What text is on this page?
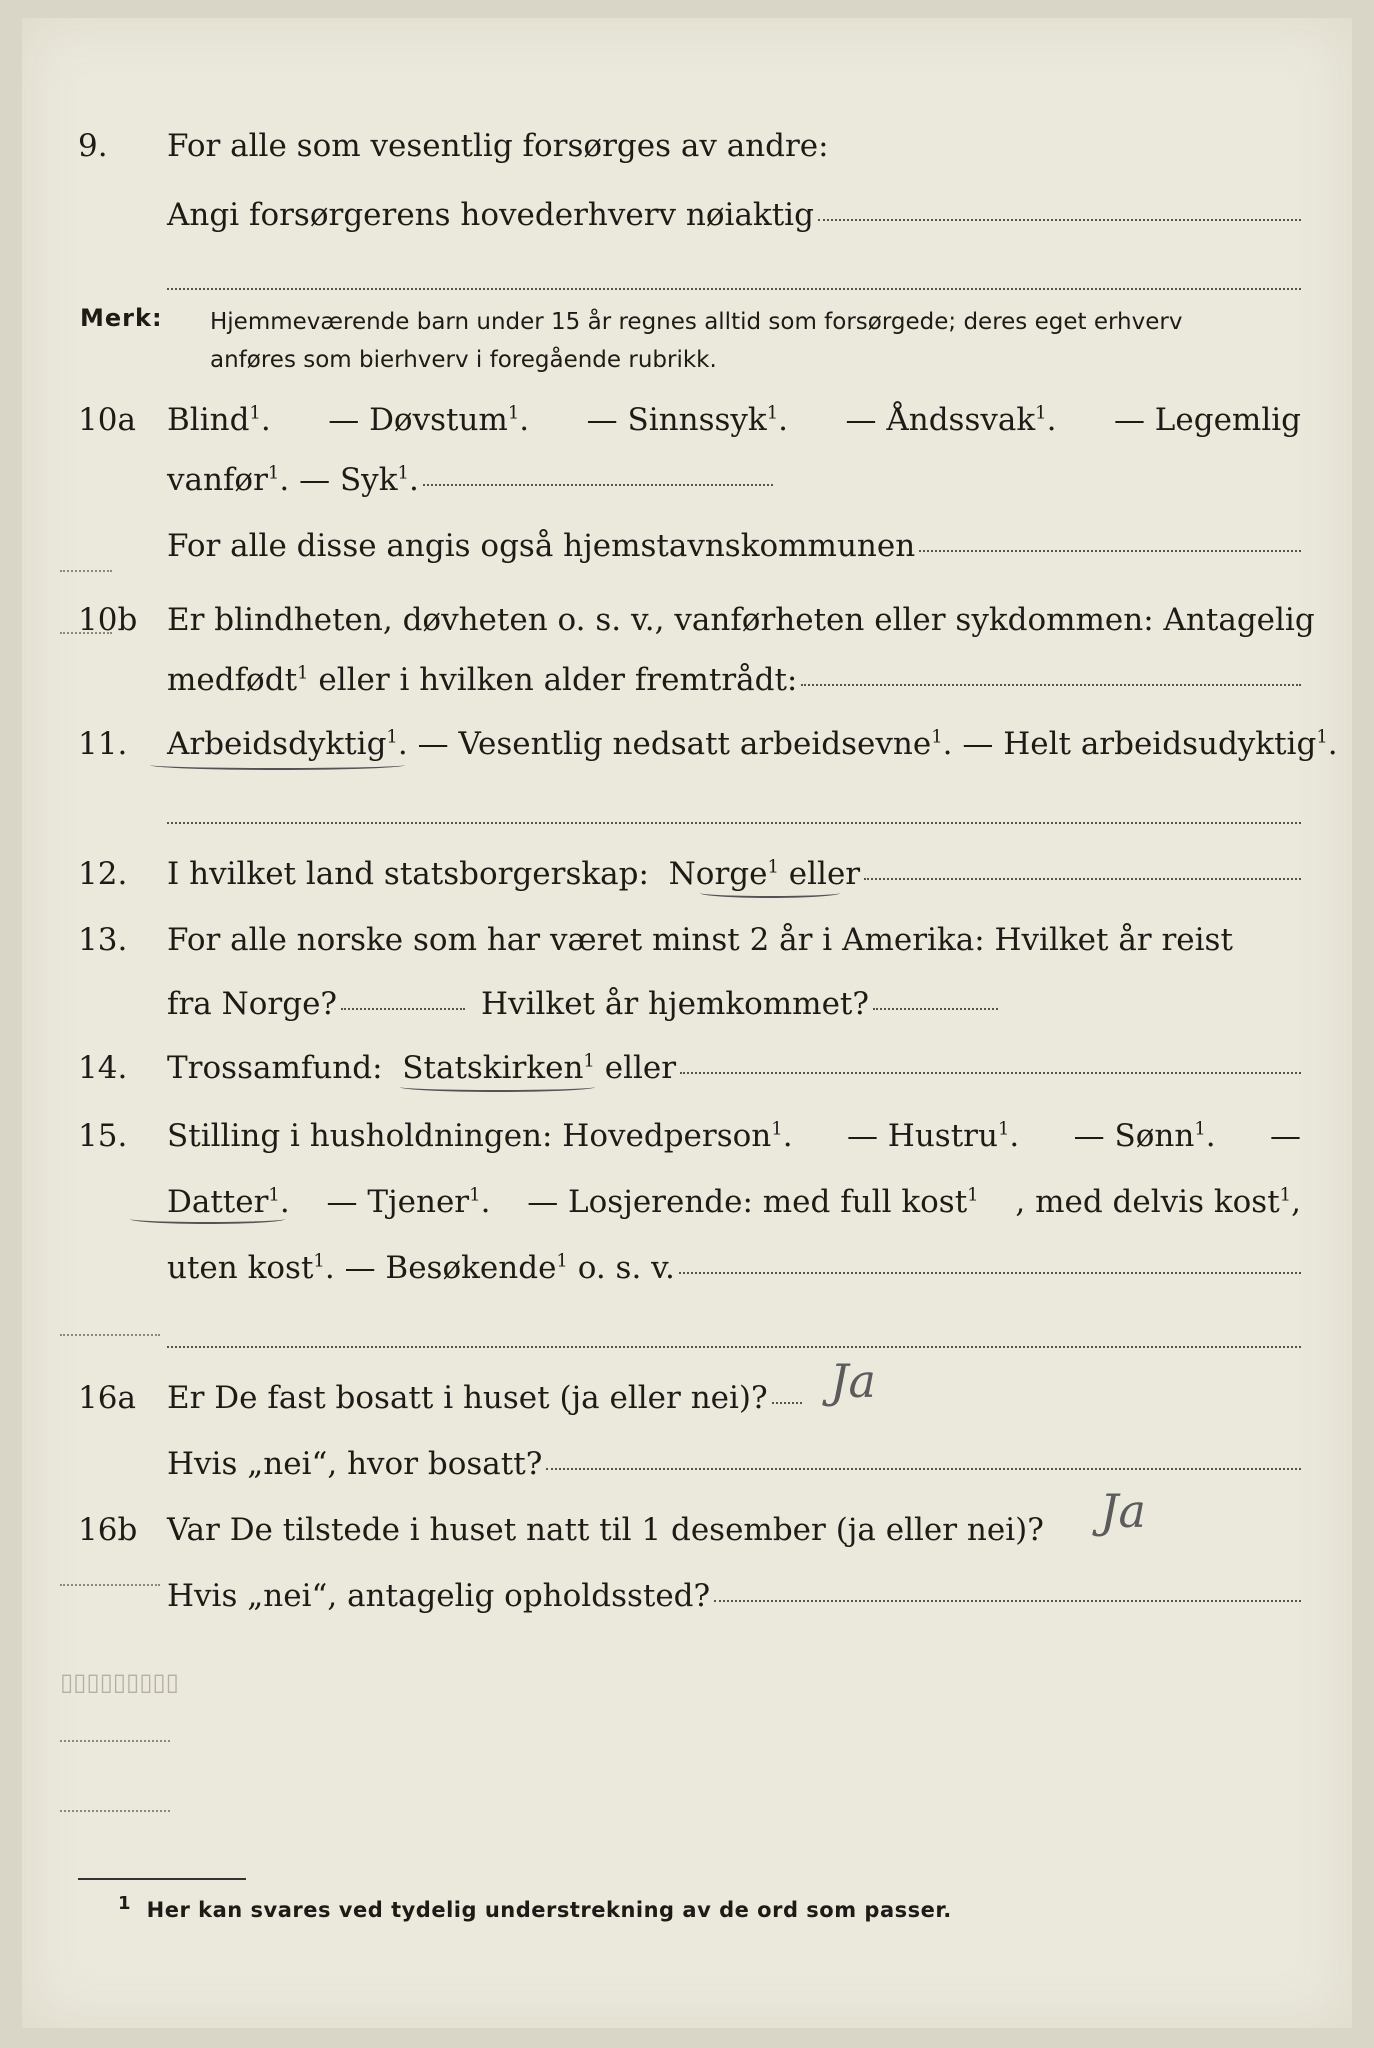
▯▯▯▯▯▯▯▯▯
9. For alle som vesentlig forsørges av andre:
Angi forsørgerens hovederhverv nøiaktig
Merk: Hjemmeværende barn under 15 år regnes alltid som forsørgede; deres eget erhverv
anføres som bierhverv i foregående rubrikk.
10a Blind$^1$. — Døvstum$^1$. — Sinnssyk$^1$. — Åndssvak$^1$. — Legemlig
vanfør$^1$. — Syk$^1$.
For alle disse angis også hjemstavnskommunen
10b Er blindheten, døvheten o. s. v., vanførheten eller sykdommen: Antagelig
medfødt$^1$ eller i hvilken alder fremtrådt:
11. Arbeidsdyktig$^1$. — Vesentlig nedsatt arbeidsevne$^1$. — Helt arbeidsudyktig$^1$.
12. I hvilket land statsborgerskap:
Norge$^1$
eller
13. For alle norske som har været minst 2 år i Amerika: Hvilket år reist
fra Norge?	Hvilket år hjemkommet?
14. Trossamfund:
Statskirken$^1$
eller
15. Stilling i husholdningen: Hovedperson$^1$. — Hustru$^1$. — Sønn$^1$. —
Datter$^1$. — Tjener$^1$. — Losjerende: med full kost$^1$ , med delvis kost$^1$,
uten kost$^1$. — Besøkende$^1$ o. s. v.
16a Er De fast bosatt i huset (ja eller nei)? Ja
Hvis „nei“, hvor bosatt?
16b Var De tilstede i huset natt til 1 desember (ja eller nei)? Ja
Hvis „nei“, antagelig opholdssted?
1 Her kan svares ved tydelig understrekning av de ord som passer.
